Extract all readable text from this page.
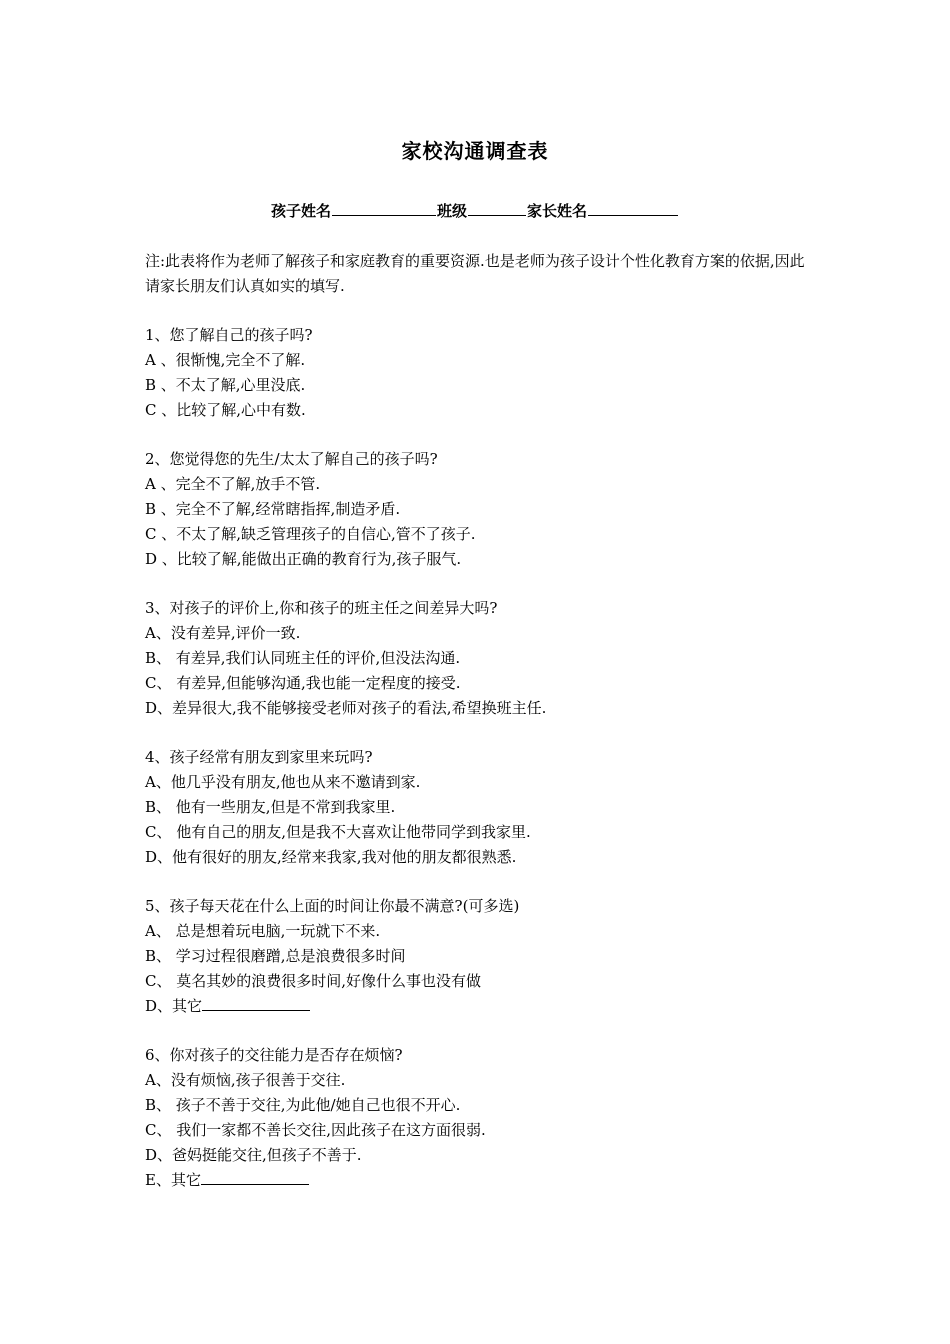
家校沟通调查表
孩子姓名	班级	家长姓名
注:此表将作为老师了解孩子和家庭教育的重要资源.也是老师为孩子设计个性化教育方案的依据,因此请家长朋友们认真如实的填写.
1、您了解自己的孩子吗?
A 、很惭愧,完全不了解.
B 、不太了解,心里没底.
C 、比较了解,心中有数.
2、您觉得您的先生/太太了解自己的孩子吗?
A 、完全不了解,放手不管.
B 、完全不了解,经常瞎指挥,制造矛盾.
C 、不太了解,缺乏管理孩子的自信心,管不了孩子.
D 、比较了解,能做出正确的教育行为,孩子服气.
3、对孩子的评价上,你和孩子的班主任之间差异大吗?
A、没有差异,评价一致.
B、 有差异,我们认同班主任的评价,但没法沟通.
C、 有差异,但能够沟通,我也能一定程度的接受.
D、差异很大,我不能够接受老师对孩子的看法,希望换班主任.
4、孩子经常有朋友到家里来玩吗?
A、他几乎没有朋友,他也从来不邀请到家.
B、 他有一些朋友,但是不常到我家里.
C、 他有自己的朋友,但是我不大喜欢让他带同学到我家里.
D、他有很好的朋友,经常来我家,我对他的朋友都很熟悉.
5、孩子每天花在什么上面的时间让你最不满意?(可多选)
A、 总是想着玩电脑,一玩就下不来.
B、 学习过程很磨蹭,总是浪费很多时间
C、 莫名其妙的浪费很多时间,好像什么事也没有做
D、其它
6、你对孩子的交往能力是否存在烦恼?
A、没有烦恼,孩子很善于交往.
B、 孩子不善于交往,为此他/她自己也很不开心.
C、 我们一家都不善长交往,因此孩子在这方面很弱.
D、爸妈挺能交往,但孩子不善于.
E、其它
